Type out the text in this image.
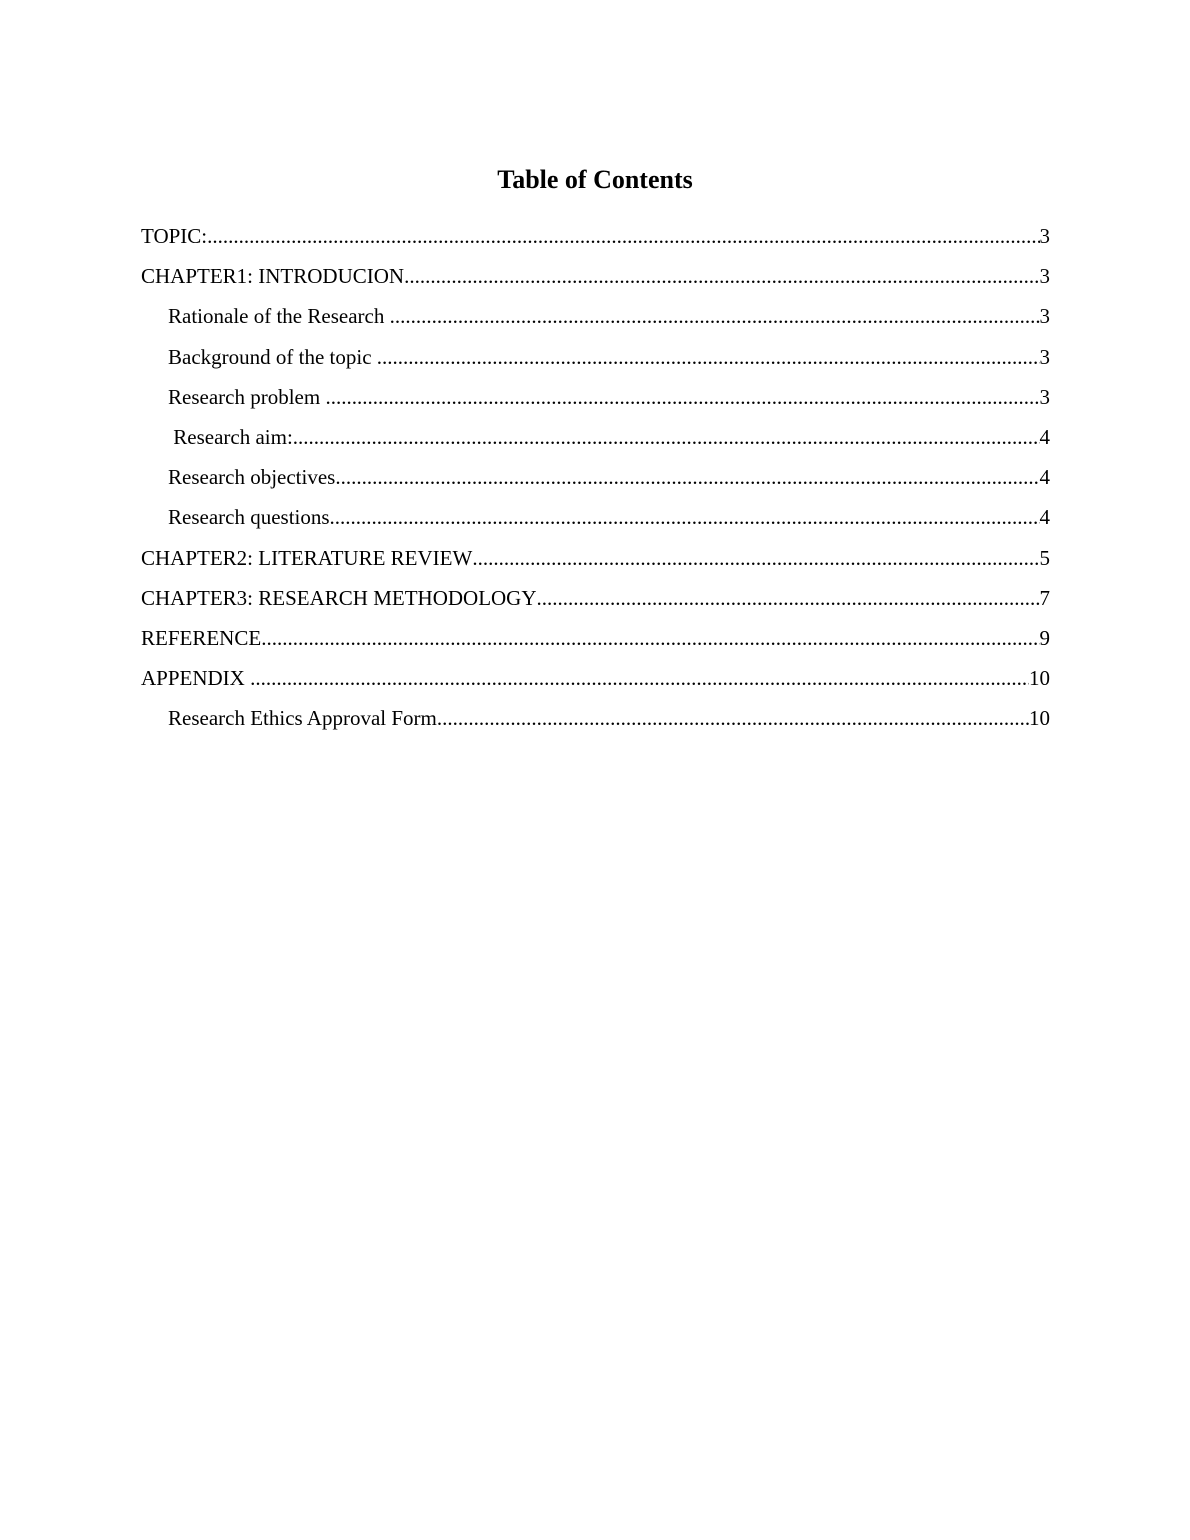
Table of Contents
TOPIC: .....	3
CHAPTER1: INTRODUCION .....	3
Rationale of the Research .....	3
Background of the topic .....	3
Research problem .....	3
Research aim: .....	4
Research objectives .....	4
Research questions .....	4
CHAPTER2: LITERATURE REVIEW .....	5
CHAPTER3: RESEARCH METHODOLOGY .....	7
REFERENCE .....	9
APPENDIX .....	10
Research Ethics Approval Form .....	10
